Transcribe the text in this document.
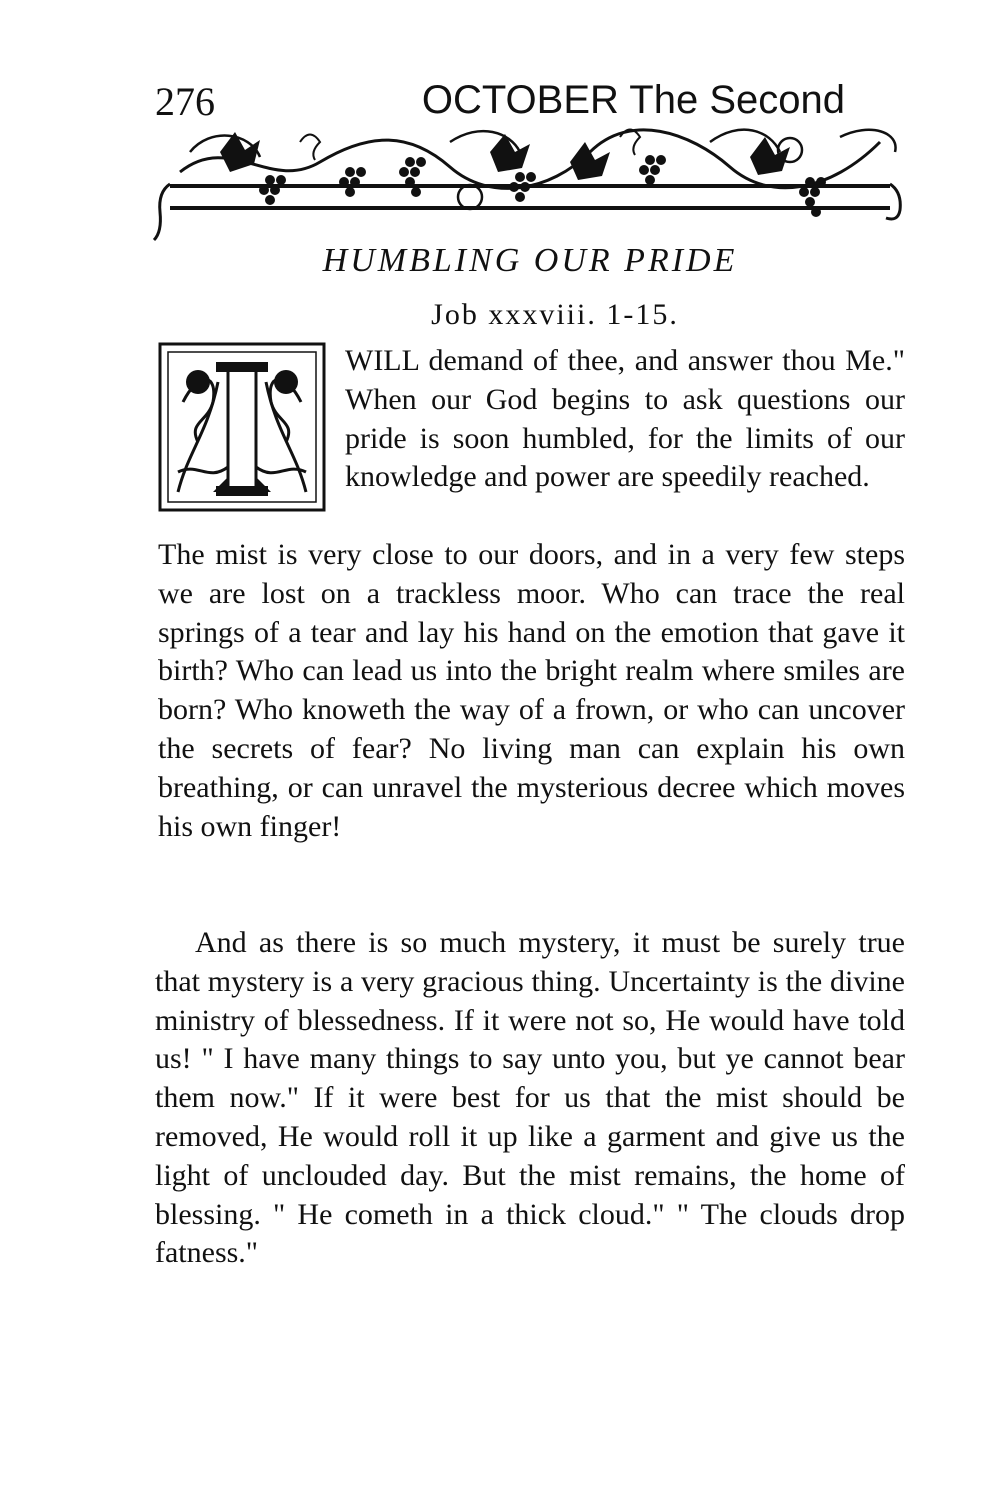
276	OCTOBER The Second
HUMBLING OUR PRIDE
Job xxxviii. 1-15.
I
WILL demand of thee, and answer thou Me." When our God begins to ask questions our pride is soon humbled, for the limits of our knowledge and power are speedily reached.
The mist is very close to our doors, and in a very few steps we are lost on a trackless moor. Who can trace the real springs of a tear and lay his hand on the emotion that gave it birth? Who can lead us into the bright realm where smiles are born? Who knoweth the way of a frown, or who can uncover the secrets of fear? No living man can explain his own breathing, or can unravel the mysterious decree which moves his own finger!
And as there is so much mystery, it must be surely true that mystery is a very gracious thing. Uncertainty is the divine ministry of blessedness. If it were not so, He would have told us! " I have many things to say unto you, but ye cannot bear them now." If it were best for us that the mist should be removed, He would roll it up like a garment and give us the light of unclouded day. But the mist remains, the home of blessing. " He cometh in a thick cloud." " The clouds drop fatness."
